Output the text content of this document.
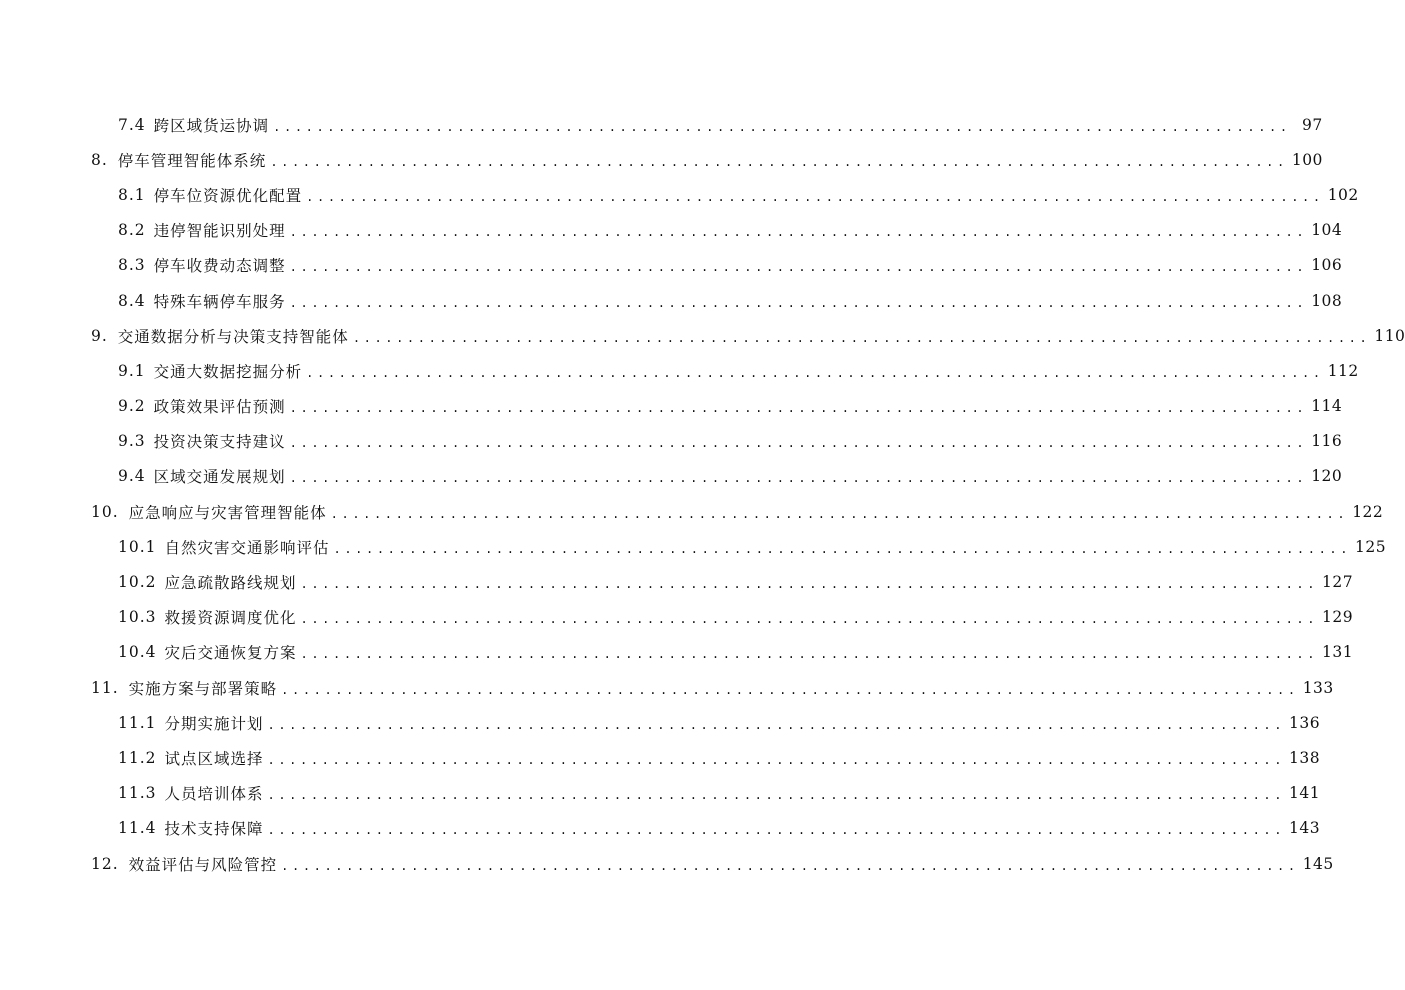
7.4 跨区域货运协调 .............................................................................................. 97
8. 停车管理智能体系统 .............................................................................................. 100
8.1 停车位资源优化配置 .............................................................................................. 102
8.2 违停智能识别处理 .............................................................................................. 104
8.3 停车收费动态调整 .............................................................................................. 106
8.4 特殊车辆停车服务 .............................................................................................. 108
9. 交通数据分析与决策支持智能体 .............................................................................................. 110
9.1 交通大数据挖掘分析 .............................................................................................. 112
9.2 政策效果评估预测 .............................................................................................. 114
9.3 投资决策支持建议 .............................................................................................. 116
9.4 区域交通发展规划 .............................................................................................. 120
10. 应急响应与灾害管理智能体 .............................................................................................. 122
10.1 自然灾害交通影响评估 .............................................................................................. 125
10.2 应急疏散路线规划 .............................................................................................. 127
10.3 救援资源调度优化 .............................................................................................. 129
10.4 灾后交通恢复方案 .............................................................................................. 131
11. 实施方案与部署策略 .............................................................................................. 133
11.1 分期实施计划 .............................................................................................. 136
11.2 试点区域选择 .............................................................................................. 138
11.3 人员培训体系 .............................................................................................. 141
11.4 技术支持保障 .............................................................................................. 143
12. 效益评估与风险管控 .............................................................................................. 145
